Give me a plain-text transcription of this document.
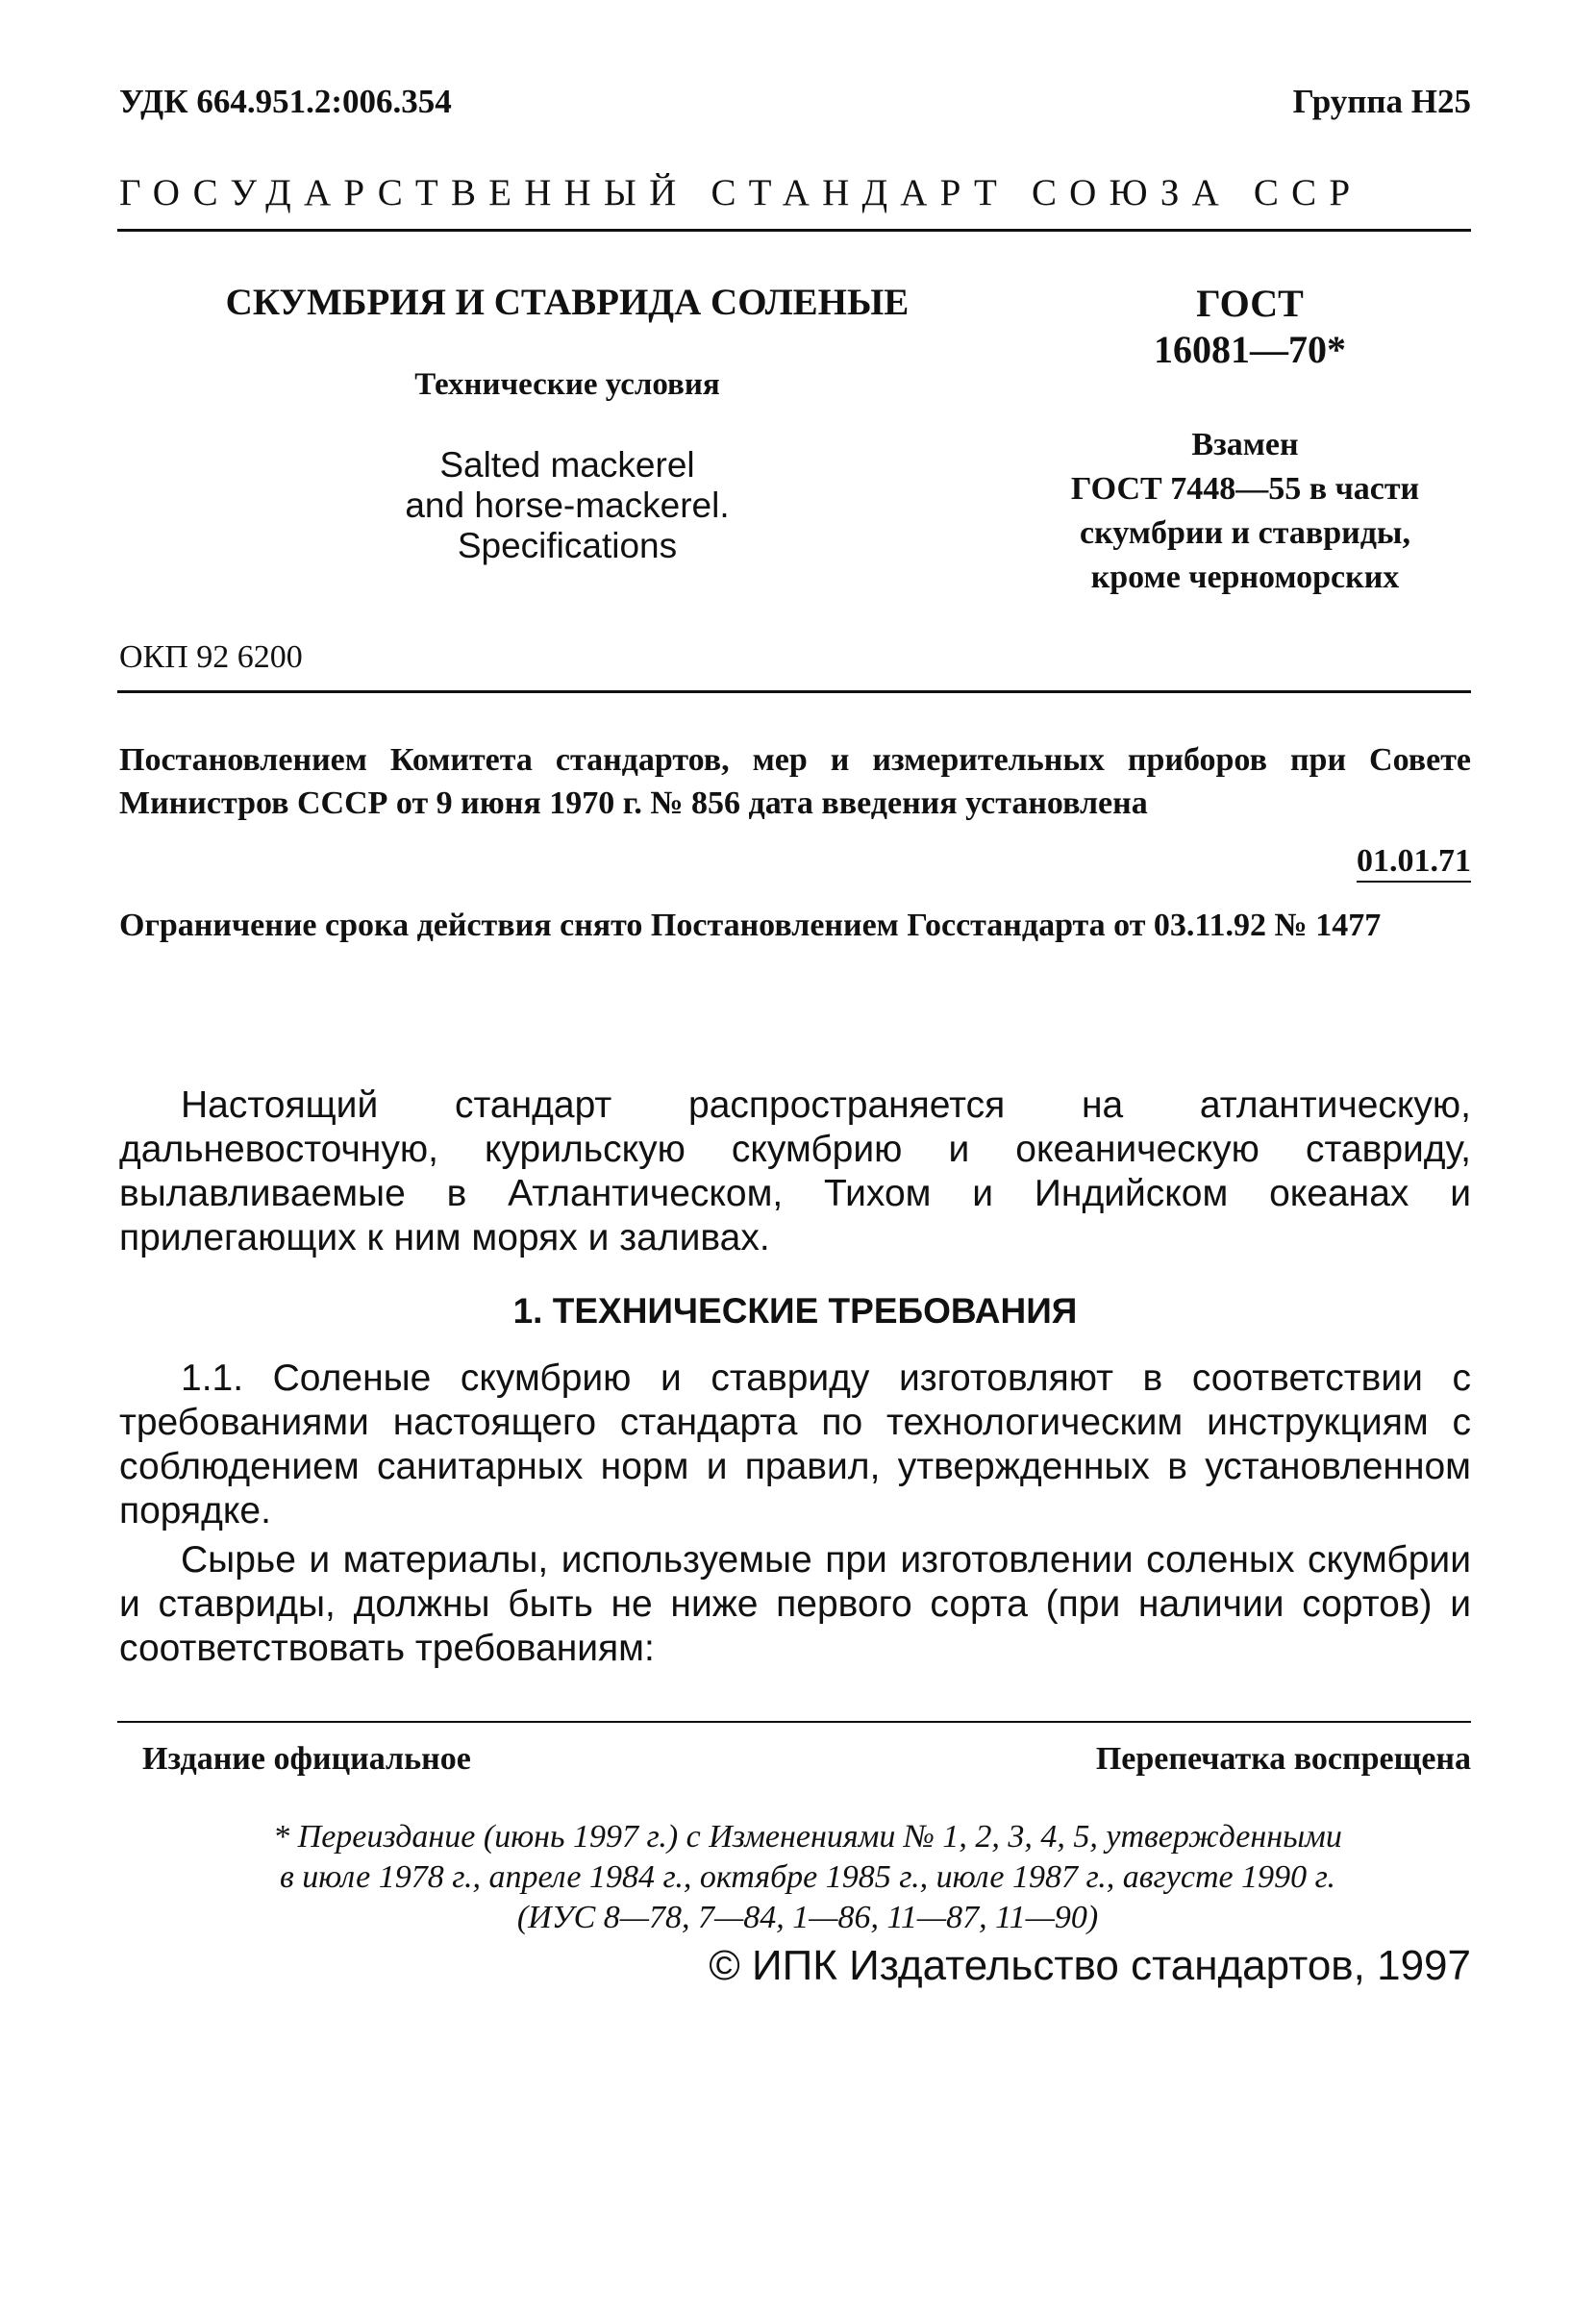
УДК 664.951.2:006.354	Группа Н25
ГОСУДАРСТВЕННЫЙ СТАНДАРТ СОЮЗА ССР
СКУМБРИЯ И СТАВРИДА СОЛЕНЫЕ
Технические условия
Salted mackerel
and horse-mackerel.
Specifications
ГОСТ
16081—70*
Взамен
ГОСТ 7448—55 в части
скумбрии и ставриды,
кроме черноморских
ОКП 92 6200
Постановлением Комитета стандартов, мер и измерительных приборов при Совете Министров СССР от 9 июня 1970 г. № 856 дата введения установлена
01.01.71
Ограничение срока действия снято Постановлением Госстандарта от 03.11.92 № 1477

Настоящий стандарт распространяется на атлантическую, дальневосточную, курильскую скумбрию и океаническую ставриду, вылавливаемые в Атлантическом, Тихом и Индийском океанах и прилегающих к ним морях и заливах.

1. ТЕХНИЧЕСКИЕ ТРЕБОВАНИЯ

1.1. Соленые скумбрию и ставриду изготовляют в соответствии с требованиями настоящего стандарта по технологическим инструкциям с соблюдением санитарных норм и правил, утвержденных в установленном порядке.

Сырье и материалы, используемые при изготовлении соленых скумбрии и ставриды, должны быть не ниже первого сорта (при наличии сортов) и соответствовать требованиям:

Издание официальное	Перепечатка воспрещена
* Переиздание (июнь 1997 г.) с Изменениями № 1, 2, 3, 4, 5, утвержденными
в июле 1978 г., апреле 1984 г., октябре 1985 г., июле 1987 г., августе 1990 г.
(ИУС 8—78, 7—84, 1—86, 11—87, 11—90)
© ИПК Издательство стандартов, 1997
